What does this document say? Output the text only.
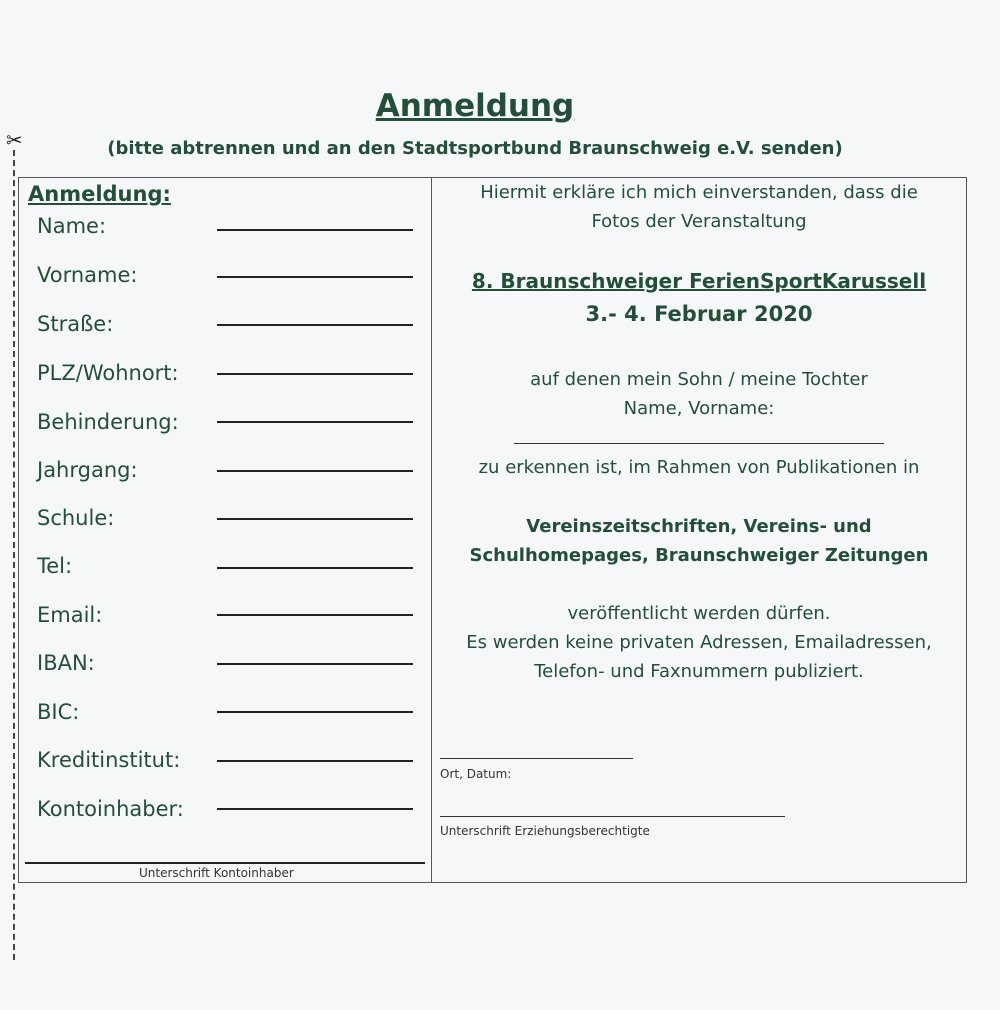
✂
Anmeldung
(bitte abtrennen und an den Stadtsportbund Braunschweig e.V. senden)
Anmeldung:
Name:
Vorname:
Straße:
PLZ/Wohnort:
Behinderung:
Jahrgang:
Schule:
Tel:
Email:
IBAN:
BIC:
Kreditinstitut:
Kontoinhaber:
Unterschrift Kontoinhaber
Hiermit erkläre ich mich einverstanden, dass die
Fotos der Veranstaltung
8. Braunschweiger FerienSportKarussell
3.- 4. Februar 2020
auf denen mein Sohn / meine Tochter
Name, Vorname:
zu erkennen ist, im Rahmen von Publikationen in
Vereinszeitschriften, Vereins- und
Schulhomepages, Braunschweiger Zeitungen
veröffentlicht werden dürfen.
Es werden keine privaten Adressen, Emailadressen,
Telefon- und Faxnummern publiziert.
Ort, Datum:
Unterschrift Erziehungsberechtigte
